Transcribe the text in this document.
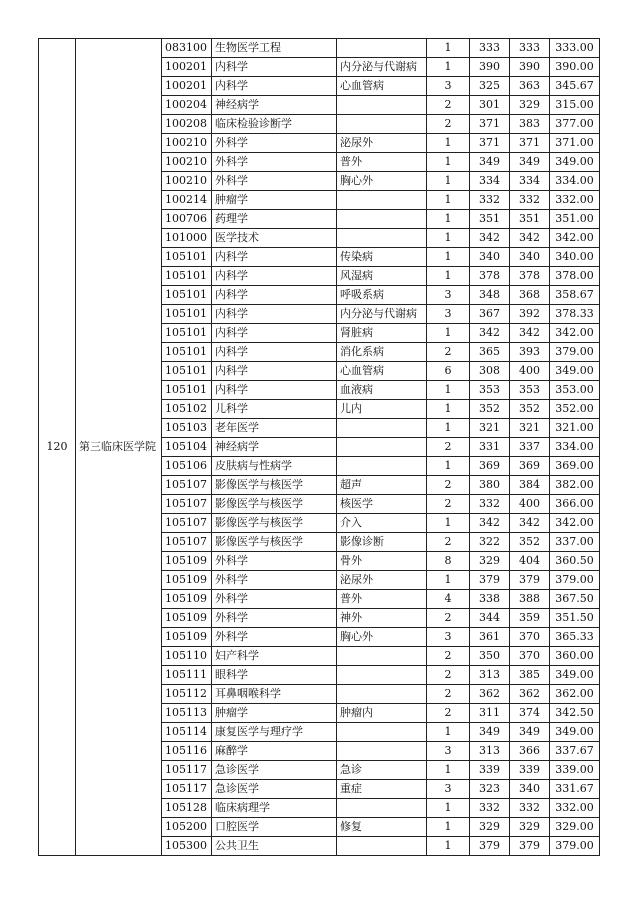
120	第三临床医学院	083100	生物医学工程		1	333	333	333.00
		100201	内科学	内分泌与代谢病	1	390	390	390.00
		100201	内科学	心血管病	3	325	363	345.67
		100204	神经病学		2	301	329	315.00
		100208	临床检验诊断学		2	371	383	377.00
		100210	外科学	泌尿外	1	371	371	371.00
		100210	外科学	普外	1	349	349	349.00
		100210	外科学	胸心外	1	334	334	334.00
		100214	肿瘤学		1	332	332	332.00
		100706	药理学		1	351	351	351.00
		101000	医学技术		1	342	342	342.00
		105101	内科学	传染病	1	340	340	340.00
		105101	内科学	风湿病	1	378	378	378.00
		105101	内科学	呼吸系病	3	348	368	358.67
		105101	内科学	内分泌与代谢病	3	367	392	378.33
		105101	内科学	肾脏病	1	342	342	342.00
		105101	内科学	消化系病	2	365	393	379.00
		105101	内科学	心血管病	6	308	400	349.00
		105101	内科学	血液病	1	353	353	353.00
		105102	儿科学	儿内	1	352	352	352.00
		105103	老年医学		1	321	321	321.00
		105104	神经病学		2	331	337	334.00
		105106	皮肤病与性病学		1	369	369	369.00
		105107	影像医学与核医学	超声	2	380	384	382.00
		105107	影像医学与核医学	核医学	2	332	400	366.00
		105107	影像医学与核医学	介入	1	342	342	342.00
		105107	影像医学与核医学	影像诊断	2	322	352	337.00
		105109	外科学	骨外	8	329	404	360.50
		105109	外科学	泌尿外	1	379	379	379.00
		105109	外科学	普外	4	338	388	367.50
		105109	外科学	神外	2	344	359	351.50
		105109	外科学	胸心外	3	361	370	365.33
		105110	妇产科学		2	350	370	360.00
		105111	眼科学		2	313	385	349.00
		105112	耳鼻咽喉科学		2	362	362	362.00
		105113	肿瘤学	肿瘤内	2	311	374	342.50
		105114	康复医学与理疗学		1	349	349	349.00
		105116	麻醉学		3	313	366	337.67
		105117	急诊医学	急诊	1	339	339	339.00
		105117	急诊医学	重症	3	323	340	331.67
		105128	临床病理学		1	332	332	332.00
		105200	口腔医学	修复	1	329	329	329.00
		105300	公共卫生		1	379	379	379.00
